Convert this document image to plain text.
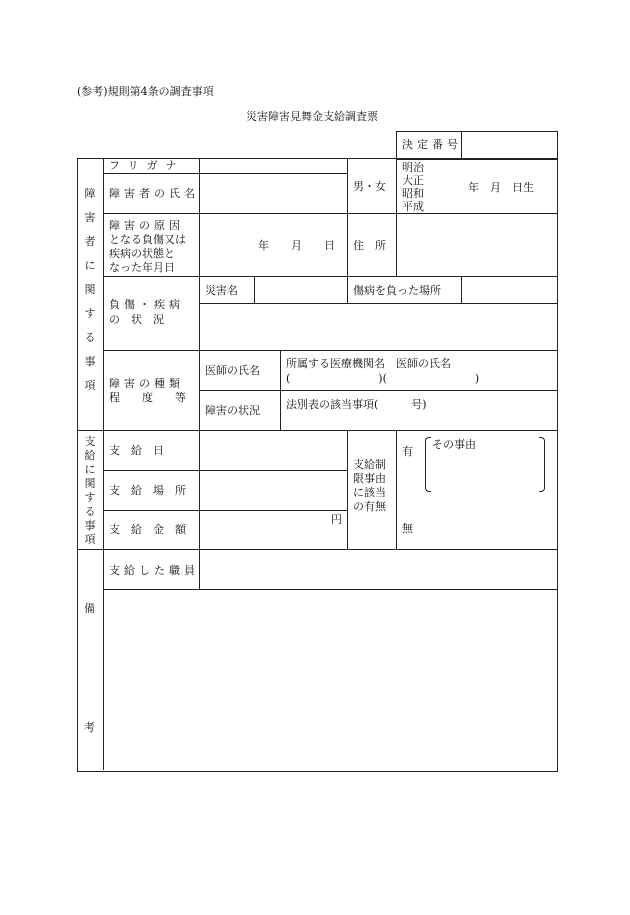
(参考)規則第4条の調査事項
災害障害見舞金支給調査票
決定番号
障害者に関する事項
フリガナ
障害者の氏名
男・女
明治
大正
昭和
平成
年　月　日生
障害の原因
となる負傷又は
疾病の状態と
なった年月日
年　　月　　日 住　所
負傷・疾病
の　状　況
災害名	傷病を負った場所
障害の種類
程　　度　　等
医師の氏名
所属する医療機関名　医師の氏名
(　　　　　　　　)(　　　　　　　　)
障害の状況 法別表の該当事項(　　　号)
支給に関する事項
支　給　日
支　給　場　所
支　給　金　額
円
支給制限事由に該当の有無
有
その事由
無
備
考
支給した職員
